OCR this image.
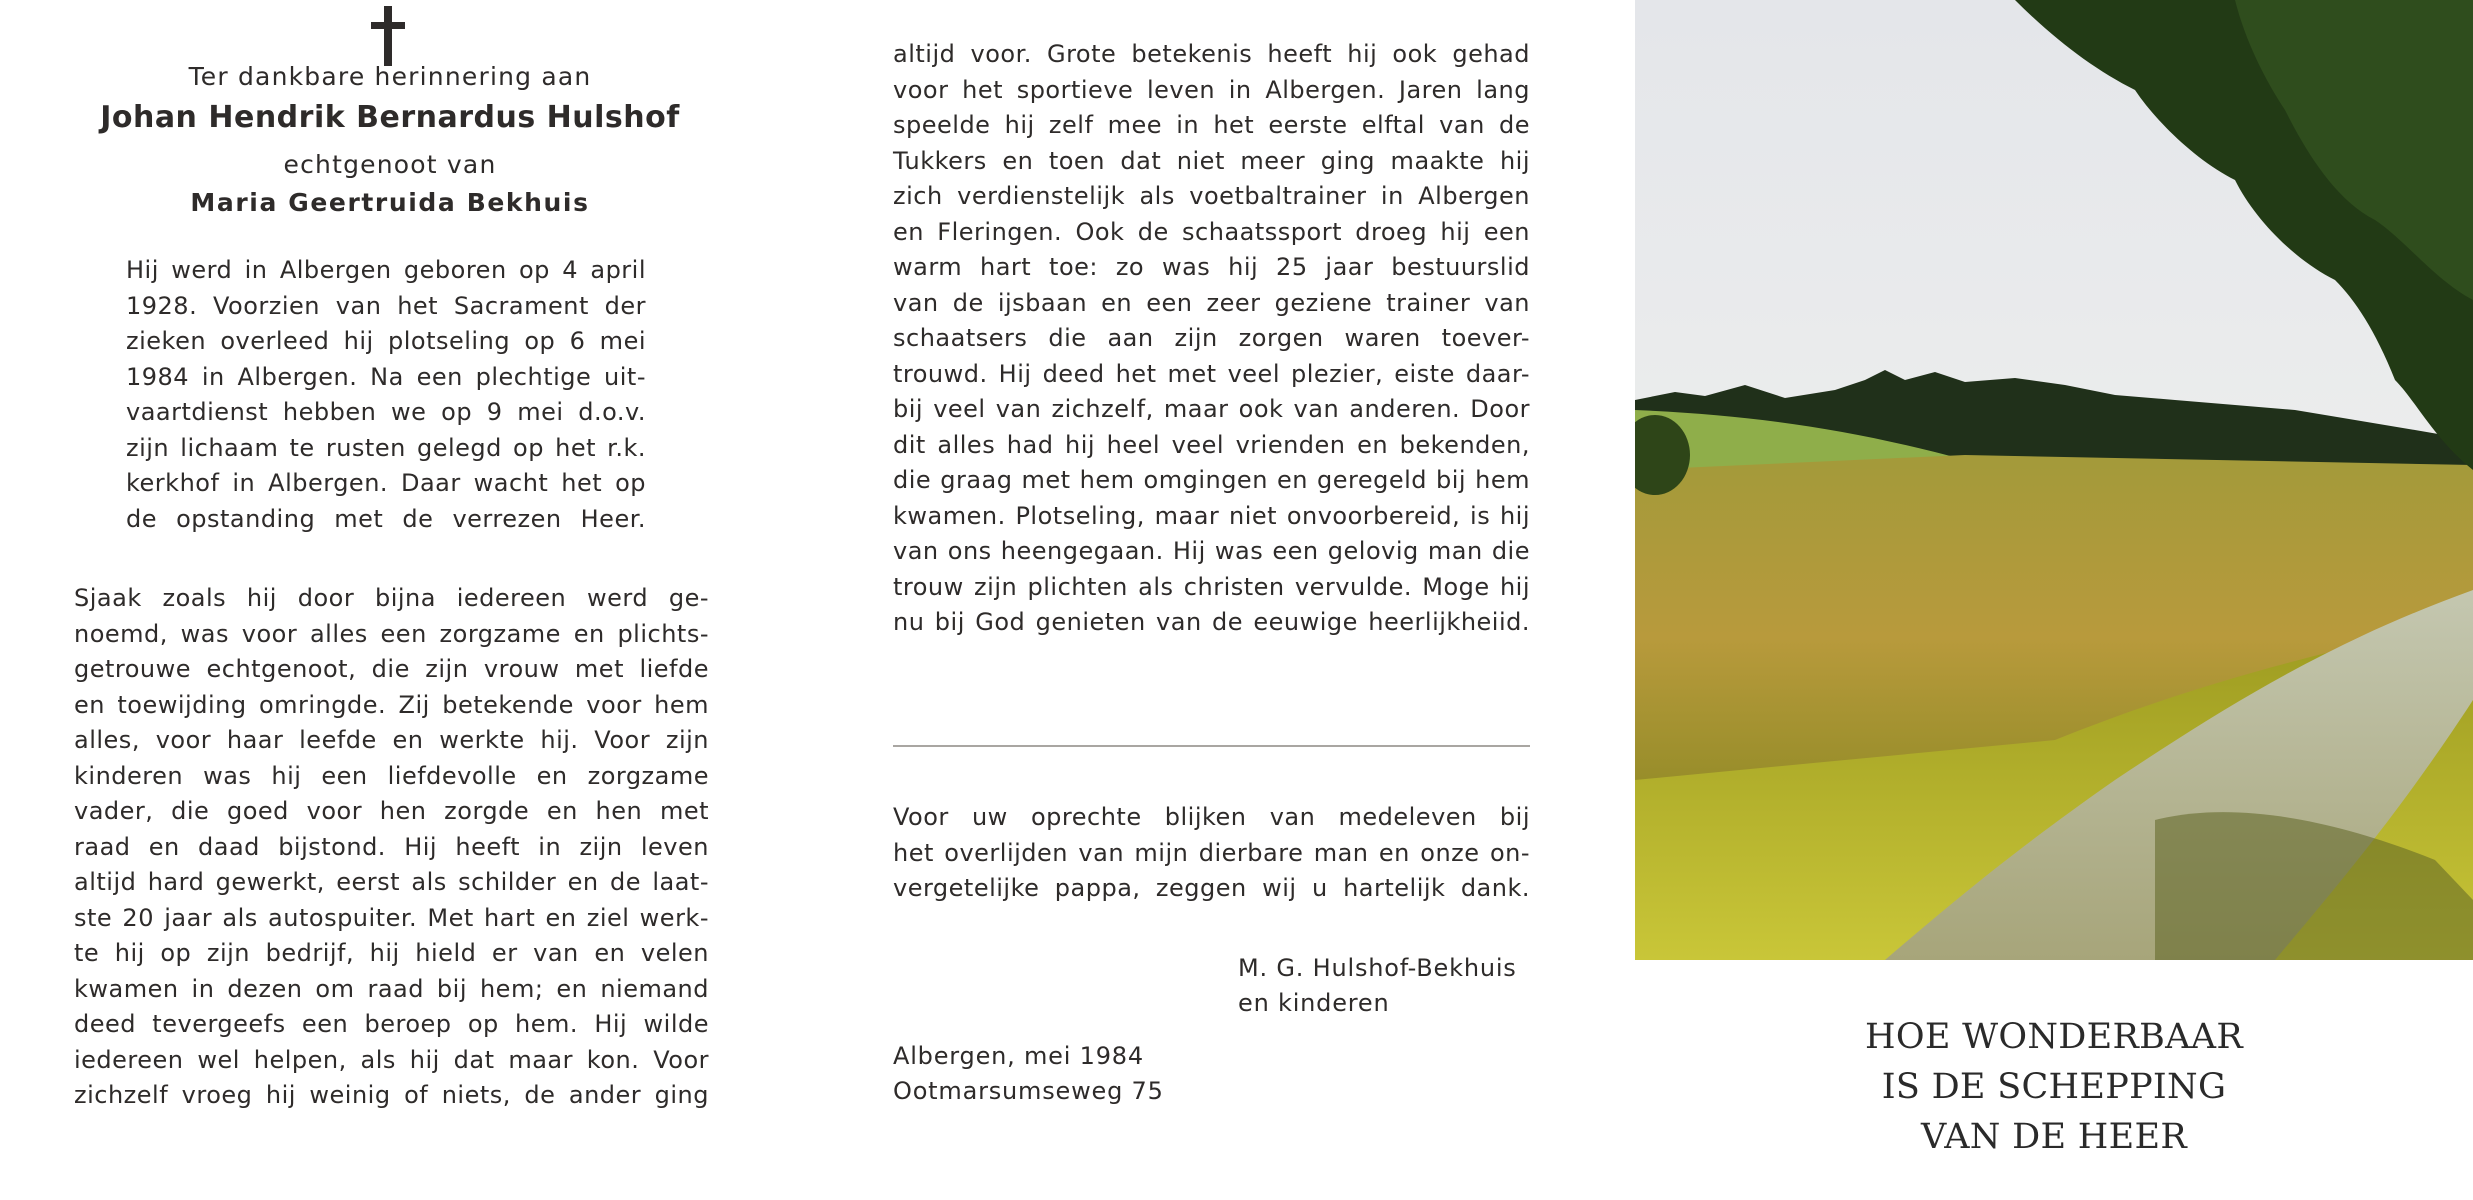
Ter dankbare herinnering aan
Johan Hendrik Bernardus Hulshof
echtgenoot van
Maria Geertruida Bekhuis
Hij werd in Albergen geboren op 4 april
1928. Voorzien van het Sacrament der
zieken overleed hij plotseling op 6 mei
1984 in Albergen. Na een plechtige uit-
vaartdienst hebben we op 9 mei d.o.v.
zijn lichaam te rusten gelegd op het r.k.
kerkhof in Albergen. Daar wacht het op
de opstanding met de verrezen Heer.
Sjaak zoals hij door bijna iedereen werd ge-
noemd, was voor alles een zorgzame en plichts-
getrouwe echtgenoot, die zijn vrouw met liefde
en toewijding omringde. Zij betekende voor hem
alles, voor haar leefde en werkte hij. Voor zijn
kinderen was hij een liefdevolle en zorgzame
vader, die goed voor hen zorgde en hen met
raad en daad bijstond. Hij heeft in zijn leven
altijd hard gewerkt, eerst als schilder en de laat-
ste 20 jaar als autospuiter. Met hart en ziel werk-
te hij op zijn bedrijf, hij hield er van en velen
kwamen in dezen om raad bij hem; en niemand
deed tevergeefs een beroep op hem. Hij wilde
iedereen wel helpen, als hij dat maar kon. Voor
zichzelf vroeg hij weinig of niets, de ander ging
altijd voor. Grote betekenis heeft hij ook gehad
voor het sportieve leven in Albergen. Jaren lang
speelde hij zelf mee in het eerste elftal van de
Tukkers en toen dat niet meer ging maakte hij
zich verdienstelijk als voetbaltrainer in Albergen
en Fleringen. Ook de schaatssport droeg hij een
warm hart toe: zo was hij 25 jaar bestuurslid
van de ijsbaan en een zeer geziene trainer van
schaatsers die aan zijn zorgen waren toever-
trouwd. Hij deed het met veel plezier, eiste daar-
bij veel van zichzelf, maar ook van anderen. Door
dit alles had hij heel veel vrienden en bekenden,
die graag met hem omgingen en geregeld bij hem
kwamen. Plotseling, maar niet onvoorbereid, is hij
van ons heengegaan. Hij was een gelovig man die
trouw zijn plichten als christen vervulde. Moge hij
nu bij God genieten van de eeuwige heerlijkheiid.
Voor uw oprechte blijken van medeleven bij
het overlijden van mijn dierbare man en onze on-
vergetelijke pappa, zeggen wij u hartelijk dank.
M. G. Hulshof-Bekhuis
en kinderen
Albergen, mei 1984
Ootmarsumseweg 75
HOE WONDERBAAR
IS DE SCHEPPING
VAN DE HEER
